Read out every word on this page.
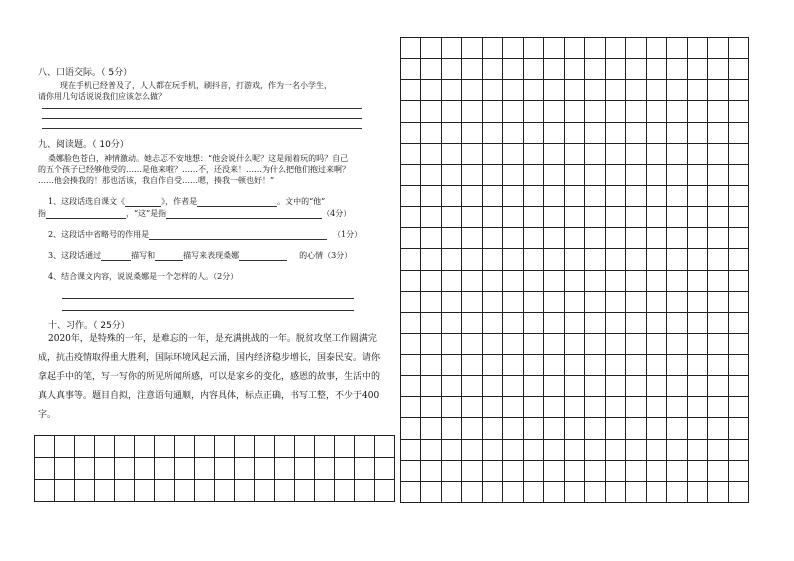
八、口语交际。（ 5分）
现在手机已经普及了，人人都在玩手机，刷抖音，打游戏，作为一名小学生，
请你用几句话说说我们应该怎么做？
九、阅读题。（ 10分）
桑娜脸色苍白，神情激动。她忐忑不安地想：“他会说什么呢？这是闹着玩的吗？自己
的五个孩子已经够他受的……是他来啦？……不，还没来！……为什么把他们抱过来啊？
……他会揍我的！那也活该，我自作自受……嗯，揍我一顿也好！”
1、这段话选自课文《	》，作者是	。文中的“他”
指	，“这”是指	（4分）
2、这段话中省略号的作用是	（1分）
3、这段话通过	描写和	描写来表现桑娜	的心情（3分）
4、结合课文内容，说说桑娜是一个怎样的人。（2分）
十、习作。（ 25分）
2020年，是特殊的一年，是难忘的一年，是充满挑战的一年。脱贫攻坚工作圆满完
成，抗击疫情取得重大胜利，国际环境风起云涌，国内经济稳步增长，国泰民安。请你
拿起手中的笔，写一写你的所见所闻所感，可以是家乡的变化，感恩的故事，生活中的
真人真事等。题目自拟，注意语句通顺，内容具体，标点正确，书写工整，不少于400
字。
